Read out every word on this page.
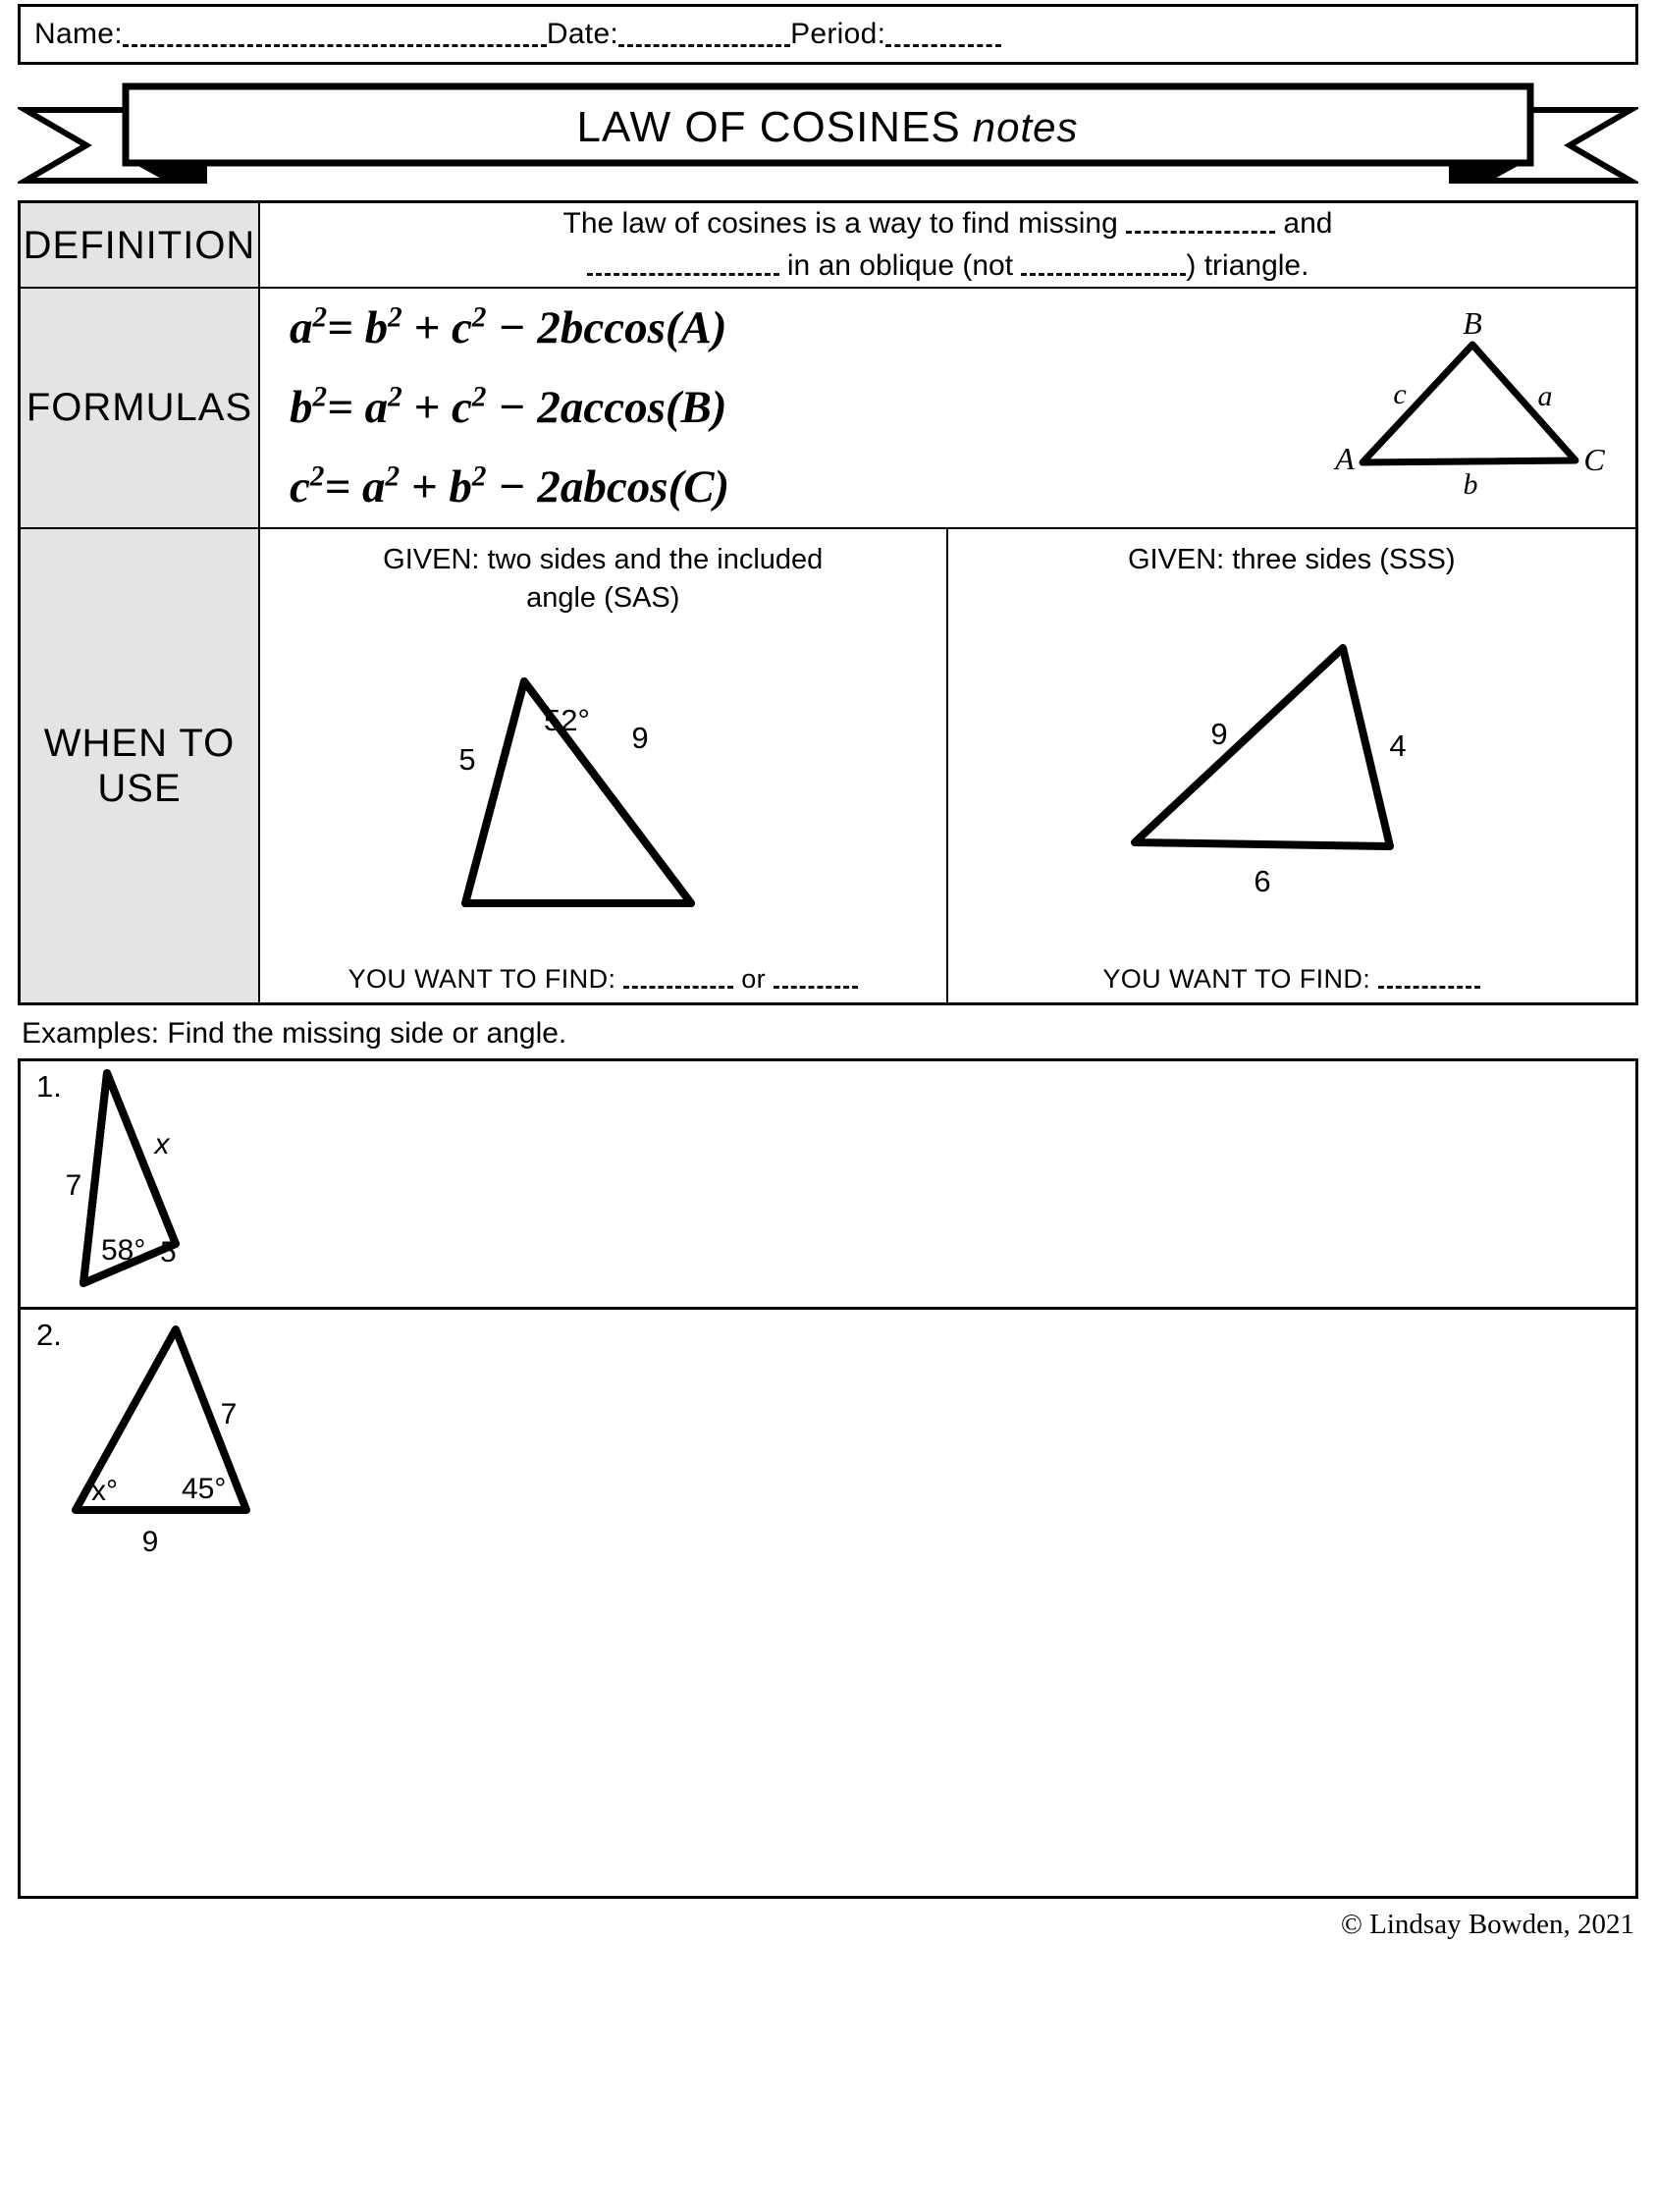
Name:	Date:	Period:
LAW OF COSINES notes
DEFINITION	The law of cosines is a way to find missing and
in an oblique (not ) triangle.

FORMULAS	
$a^2= b^2 + c^2 - 2bccos(A)$
$b^2= a^2 + c^2 - 2accos(B)$
$c^2= a^2 + b^2 - 2abcos(C)$
B
A	C
c	a
b

WHEN TO
USE	
GIVEN: two sides and the included
angle (SAS)
52°
5
9
YOU WANT TO FIND:	or
GIVEN: three sides (SSS)
9	4
6
YOU WANT TO FIND:
Examples: Find the missing side or angle.
1.
7
x
58° 5
2.
7
9
x° 45°
© Lindsay Bowden, 2021
